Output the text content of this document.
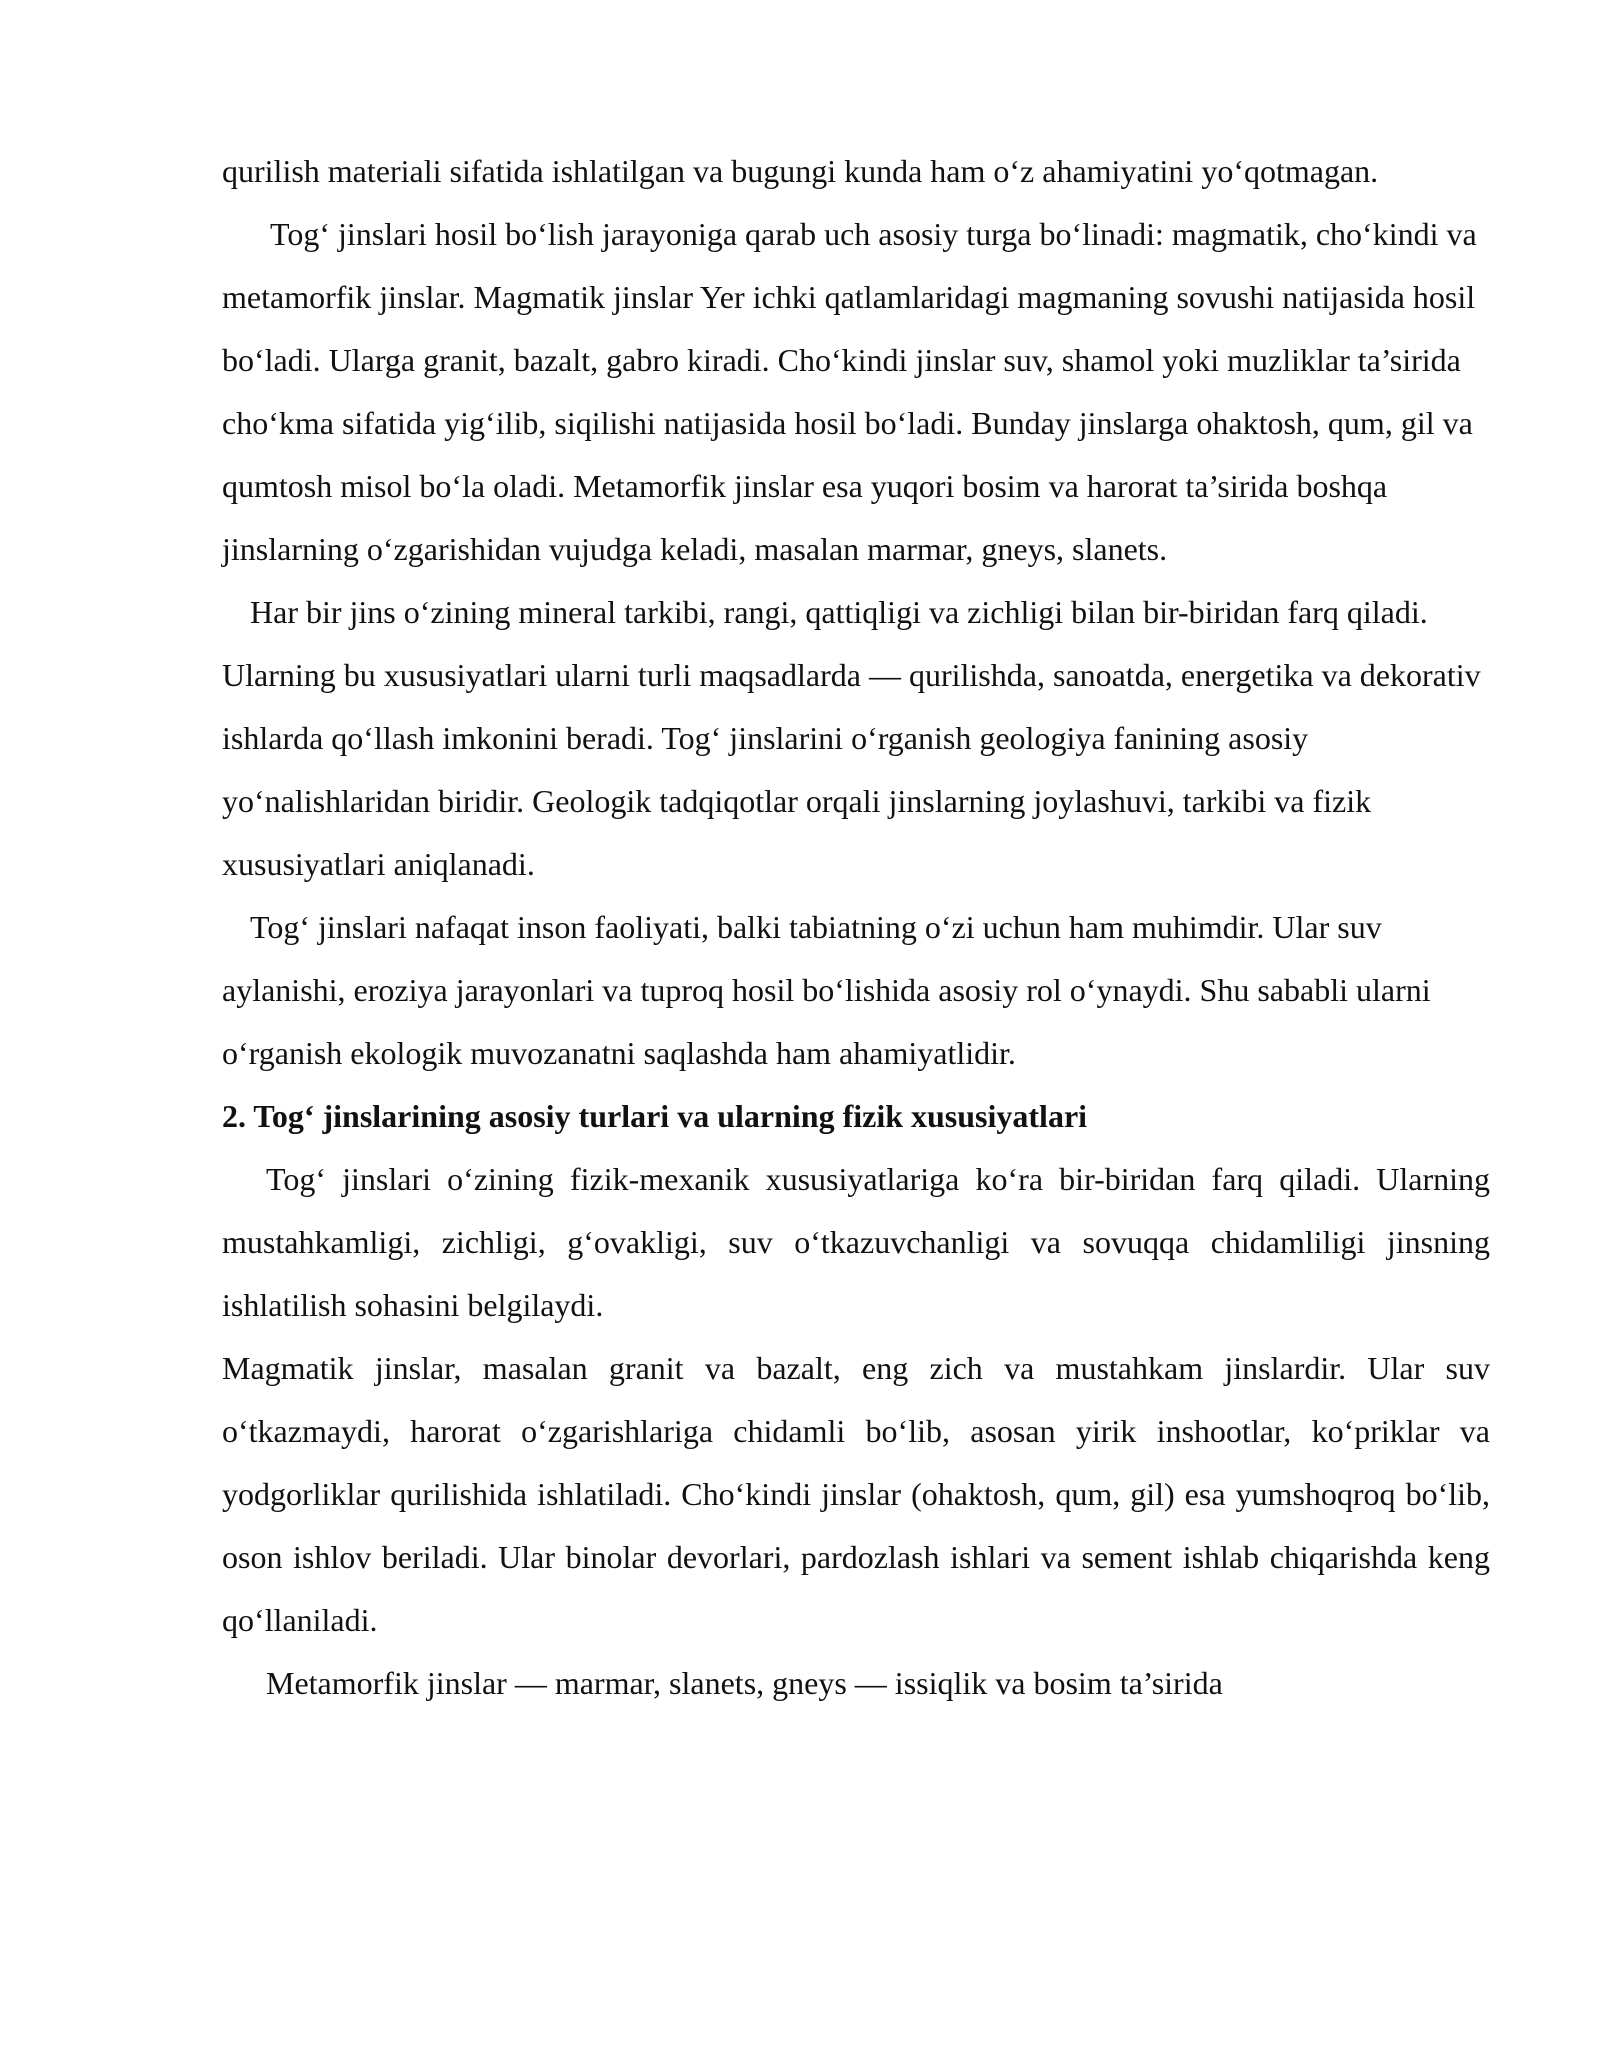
qurilish materiali sifatida ishlatilgan va bugungi kunda ham o‘z ahamiyatini yo‘qotmagan.

Tog‘ jinslari hosil bo‘lish jarayoniga qarab uch asosiy turga bo‘linadi: magmatik, cho‘kindi va metamorfik jinslar. Magmatik jinslar Yer ichki qatlamlaridagi magmaning sovushi natijasida hosil bo‘ladi. Ularga granit, bazalt, gabro kiradi. Cho‘kindi jinslar suv, shamol yoki muzliklar ta’sirida cho‘kma sifatida yig‘ilib, siqilishi natijasida hosil bo‘ladi. Bunday jinslarga ohaktosh, qum, gil va qumtosh misol bo‘la oladi. Metamorfik jinslar esa yuqori bosim va harorat ta’sirida boshqa jinslarning o‘zgarishidan vujudga keladi, masalan marmar, gneys, slanets.

Har bir jins o‘zining mineral tarkibi, rangi, qattiqligi va zichligi bilan bir-biridan farq qiladi. Ularning bu xususiyatlari ularni turli maqsadlarda — qurilishda, sanoatda, energetika va dekorativ ishlarda qo‘llash imkonini beradi. Tog‘ jinslarini o‘rganish geologiya fanining asosiy yo‘nalishlaridan biridir. Geologik tadqiqotlar orqali jinslarning joylashuvi, tarkibi va fizik xususiyatlari aniqlanadi.

Tog‘ jinslari nafaqat inson faoliyati, balki tabiatning o‘zi uchun ham muhimdir. Ular suv aylanishi, eroziya jarayonlari va tuproq hosil bo‘lishida asosiy rol o‘ynaydi. Shu sababli ularni o‘rganish ekologik muvozanatni saqlashda ham ahamiyatlidir.

2. Tog‘ jinslarining asosiy turlari va ularning fizik xususiyatlari

Tog‘ jinslari o‘zining fizik-mexanik xususiyatlariga ko‘ra bir-biridan farq qiladi. Ularning mustahkamligi, zichligi, g‘ovakligi, suv o‘tkazuvchanligi va sovuqqa chidamliligi jinsning ishlatilish sohasini belgilaydi.

Magmatik jinslar, masalan granit va bazalt, eng zich va mustahkam jinslardir. Ular suv o‘tkazmaydi, harorat o‘zgarishlariga chidamli bo‘lib, asosan yirik inshootlar, ko‘priklar va yodgorliklar qurilishida ishlatiladi. Cho‘kindi jinslar (ohaktosh, qum, gil) esa yumshoqroq bo‘lib, oson ishlov beriladi. Ular binolar devorlari, pardozlash ishlari va sement ishlab chiqarishda keng qo‘llaniladi.

Metamorfik jinslar — marmar, slanets, gneys — issiqlik va bosim ta’sirida
